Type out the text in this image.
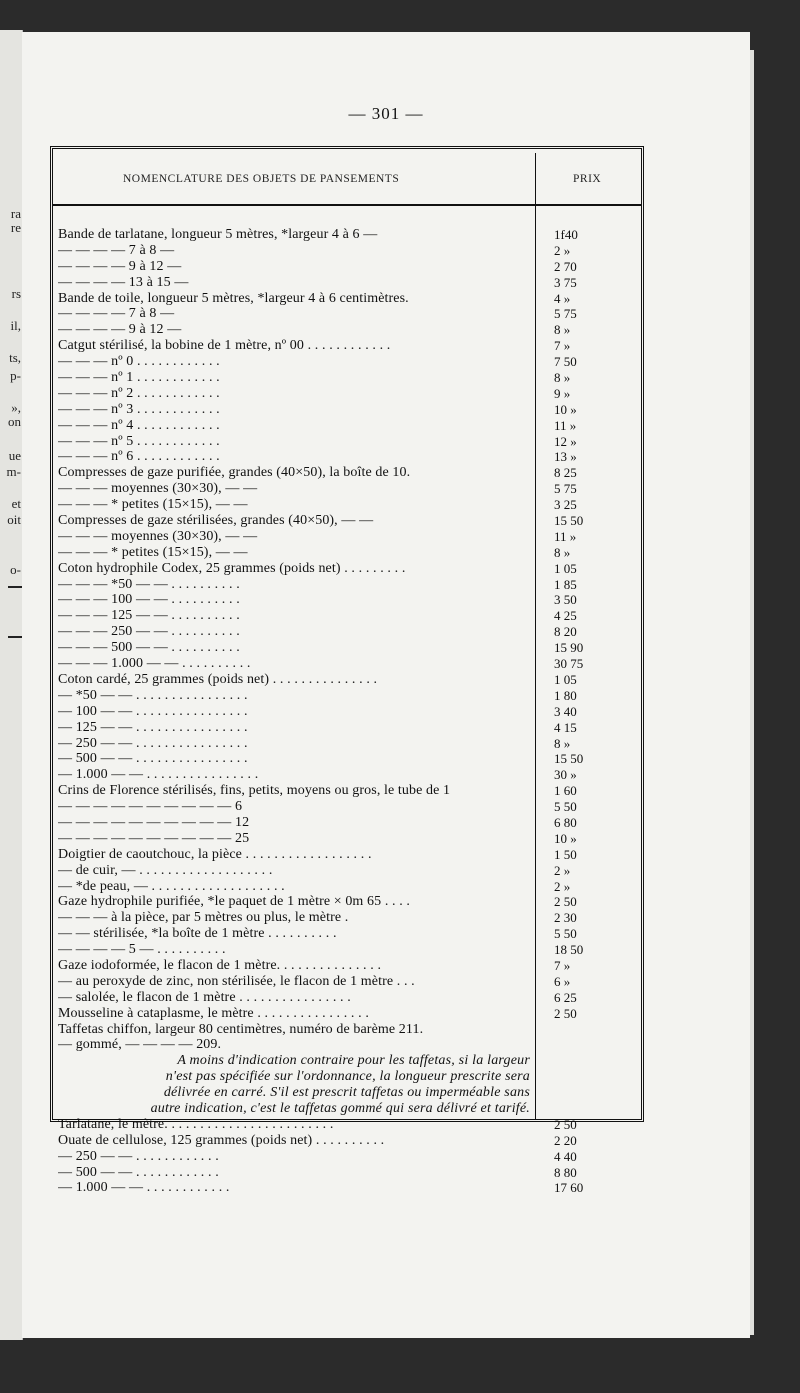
ra
re
rs
il,
ts,
p-
»,
on
ue
m-
et
oit
o-
— 301 —
NOMENCLATURE DES OBJETS DE PANSEMENTS	PRIX
Bande de tarlatane, longueur 5 mètres, *largeur 4 à 6 —	1f40
— — — — 7 à 8 —	2 »
— — — — 9 à 12 —	2 70
— — — — 13 à 15 —	3 75
Bande de toile, longueur 5 mètres, *largeur 4 à 6 centimètres.	4 »
— — — — 7 à 8 —	5 75
— — — — 9 à 12 —	8 »
Catgut stérilisé, la bobine de 1 mètre, nº 00 . . . . . . . . . . . .	7 »
— — — nº 0 . . . . . . . . . . . .	7 50
— — — nº 1 . . . . . . . . . . . .	8 »
— — — nº 2 . . . . . . . . . . . .	9 »
— — — nº 3 . . . . . . . . . . . .	10 »
— — — nº 4 . . . . . . . . . . . .	11 »
— — — nº 5 . . . . . . . . . . . .	12 »
— — — nº 6 . . . . . . . . . . . .	13 »
Compresses de gaze purifiée, grandes (40×50), la boîte de 10.	8 25
— — — moyennes (30×30), — —	5 75
— — — * petites (15×15), — —	3 25
Compresses de gaze stérilisées, grandes (40×50), — —	15 50
— — — moyennes (30×30), — —	11 »
— — — * petites (15×15), — —	8 »
Coton hydrophile Codex, 25 grammes (poids net) . . . . . . . . .	1 05
— — — *50 — — . . . . . . . . . .	1 85
— — — 100 — — . . . . . . . . . .	3 50
— — — 125 — — . . . . . . . . . .	4 25
— — — 250 — — . . . . . . . . . .	8 20
— — — 500 — — . . . . . . . . . .	15 90
— — — 1.000 — — . . . . . . . . . .	30 75
Coton cardé, 25 grammes (poids net) . . . . . . . . . . . . . . .	1 05
— *50 — — . . . . . . . . . . . . . . . .	1 80
— 100 — — . . . . . . . . . . . . . . . .	3 40
— 125 — — . . . . . . . . . . . . . . . .	4 15
— 250 — — . . . . . . . . . . . . . . . .	8 »
— 500 — — . . . . . . . . . . . . . . . .	15 50
— 1.000 — — . . . . . . . . . . . . . . . .	30 »
Crins de Florence stérilisés, fins, petits, moyens ou gros, le tube de 1	1 60
— — — — — — — — — — 6	5 50
— — — — — — — — — — 12	6 80
— — — — — — — — — — 25	10 »
Doigtier de caoutchouc, la pièce . . . . . . . . . . . . . . . . . .	1 50
— de cuir, — . . . . . . . . . . . . . . . . . . .	2 »
— *de peau, — . . . . . . . . . . . . . . . . . . .	2 »
Gaze hydrophile purifiée, *le paquet de 1 mètre × 0m 65 . . . .	2 50
— — — à la pièce, par 5 mètres ou plus, le mètre .	2 30
— — stérilisée, *la boîte de 1 mètre . . . . . . . . . .	5 50
— — — — 5 — . . . . . . . . . .	18 50
Gaze iodoformée, le flacon de 1 mètre. . . . . . . . . . . . . . .	7 »
— au peroxyde de zinc, non stérilisée, le flacon de 1 mètre . . .	6 »
— salolée, le flacon de 1 mètre . . . . . . . . . . . . . . . .	6 25
Mousseline à cataplasme, le mètre . . . . . . . . . . . . . . . .	2 50
Taffetas chiffon, largeur 80 centimètres, numéro de barème 211.
— gommé, — — — — 209.
A moins d'indication contraire pour les taffetas, si la largeur
n'est pas spécifiée sur l'ordonnance, la longueur prescrite sera
délivrée en carré. S'il est prescrit taffetas ou imperméable sans
autre indication, c'est le taffetas gommé qui sera délivré et tarifé.
Tarlatane, le mètre. . . . . . . . . . . . . . . . . . . . . . . .	2 50
Ouate de cellulose, 125 grammes (poids net) . . . . . . . . . .	2 20
— 250 — — . . . . . . . . . . . .	4 40
— 500 — — . . . . . . . . . . . .	8 80
— 1.000 — — . . . . . . . . . . . .	17 60
